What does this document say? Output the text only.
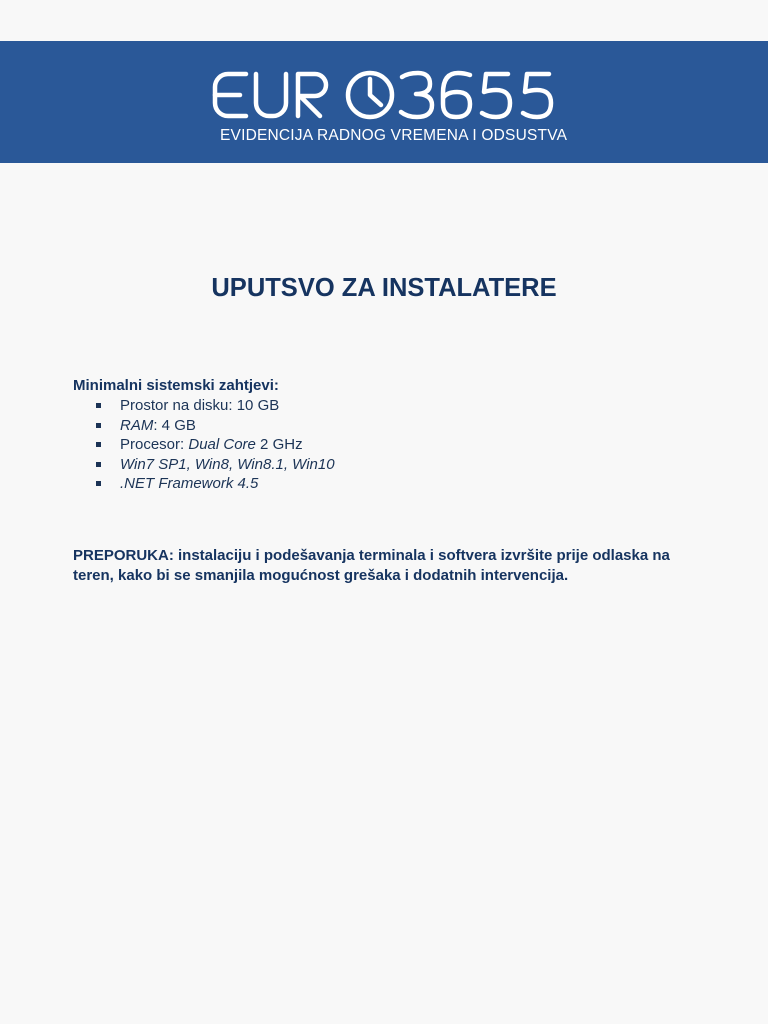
EVIDENCIJA RADNOG VREMENA I ODSUSTVA
UPUTSVO ZA INSTALATERE
Minimalni sistemski zahtjevi:
Prostor na disku: 10 GB
RAM: 4 GB
Procesor: Dual Core 2 GHz
Win7 SP1, Win8, Win8.1, Win10
.NET Framework 4.5
PREPORUKA: instalaciju i podešavanja terminala i softvera izvršite prije odlaska na teren, kako bi se smanjila mogućnost grešaka i dodatnih intervencija.
